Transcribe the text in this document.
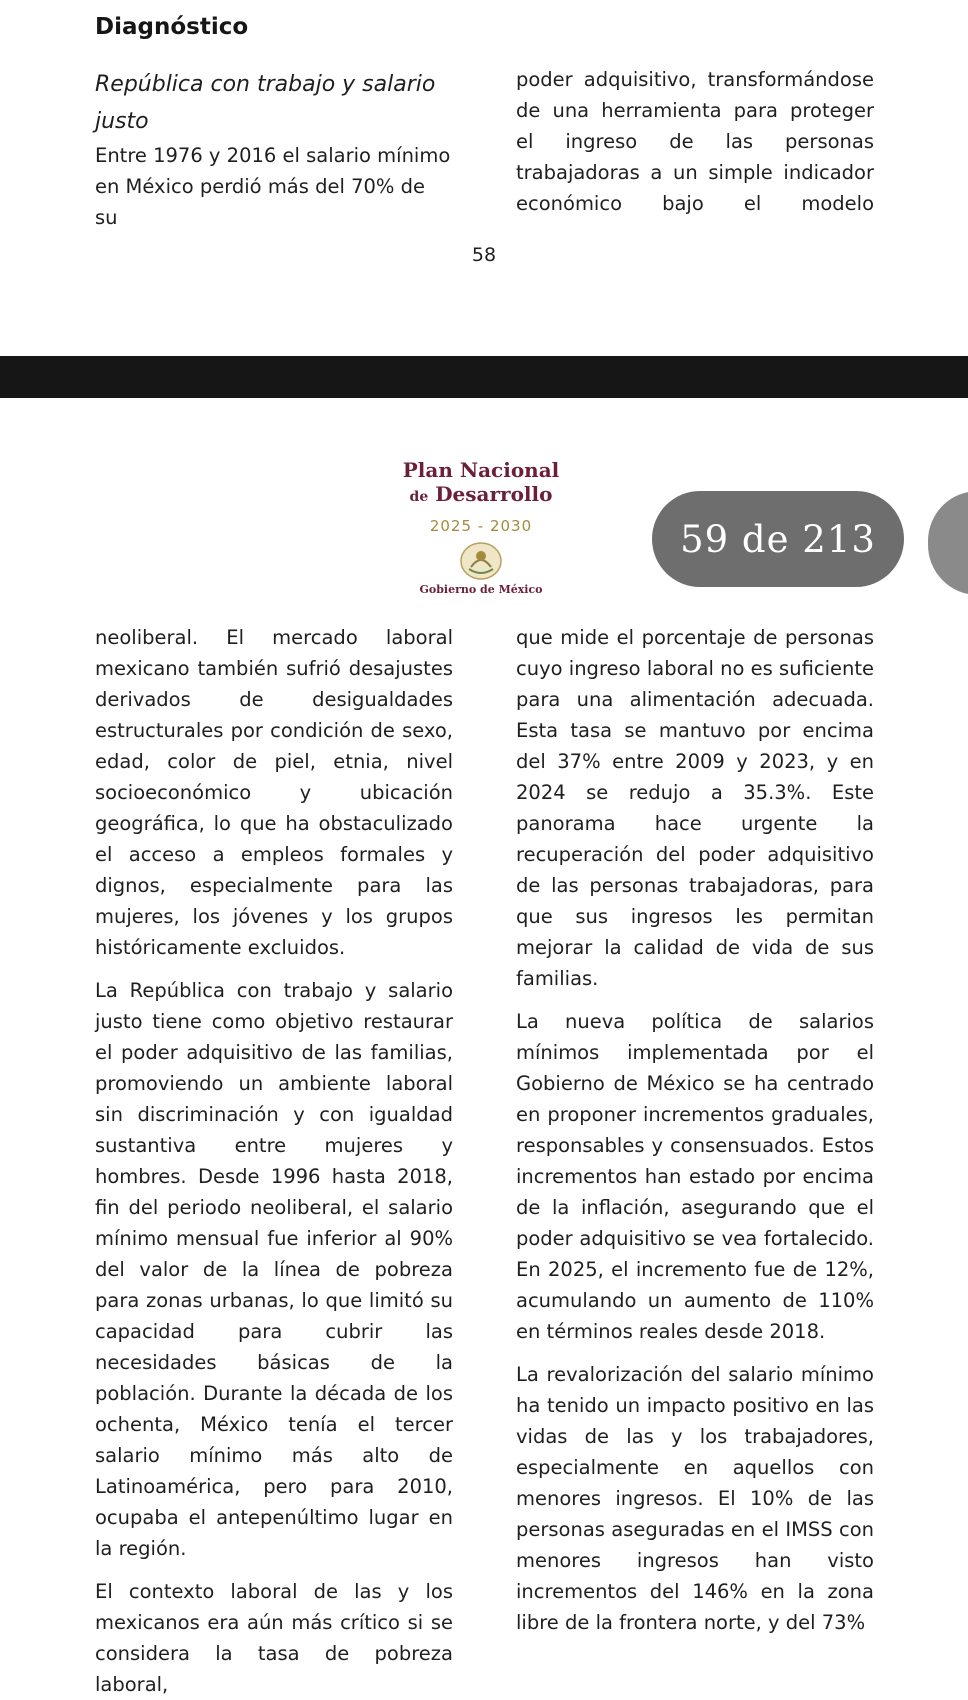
Diagnóstico

República con trabajo y salario justo

Entre 1976 y 2016 el salario mínimo en México perdió más del 70% de su

poder adquisitivo, transformándose de una herramienta para proteger el ingreso de las personas trabajadoras a un simple indicador económico bajo el modelo

58
Plan Nacional
de Desarrollo
2025 - 2030
Gobierno de México
59 de 213

neoliberal. El mercado laboral mexicano también sufrió desajustes derivados de desigualdades estructurales por condición de sexo, edad, color de piel, etnia, nivel socioeconómico y ubicación geográfica, lo que ha obstaculizado el acceso a empleos formales y dignos, especialmente para las mujeres, los jóvenes y los grupos históricamente excluidos.

La República con trabajo y salario justo tiene como objetivo restaurar el poder adquisitivo de las familias, promoviendo un ambiente laboral sin discriminación y con igualdad sustantiva entre mujeres y hombres. Desde 1996 hasta 2018, fin del periodo neoliberal, el salario mínimo mensual fue inferior al 90% del valor de la línea de pobreza para zonas urbanas, lo que limitó su capacidad para cubrir las necesidades básicas de la población. Durante la década de los ochenta, México tenía el tercer salario mínimo más alto de Latinoamérica, pero para 2010, ocupaba el antepenúltimo lugar en la región.

El contexto laboral de las y los mexicanos era aún más crítico si se considera la tasa de pobreza laboral,

que mide el porcentaje de personas cuyo ingreso laboral no es suficiente para una alimentación adecuada. Esta tasa se mantuvo por encima del 37% entre 2009 y 2023, y en 2024 se redujo a 35.3%. Este panorama hace urgente la recuperación del poder adquisitivo de las personas trabajadoras, para que sus ingresos les permitan mejorar la calidad de vida de sus familias.

La nueva política de salarios mínimos implementada por el Gobierno de México se ha centrado en proponer incrementos graduales, responsables y consensuados. Estos incrementos han estado por encima de la inflación, asegurando que el poder adquisitivo se vea fortalecido. En 2025, el incremento fue de 12%, acumulando un aumento de 110% en términos reales desde 2018.

La revalorización del salario mínimo ha tenido un impacto positivo en las vidas de las y los trabajadores, especialmente en aquellos con menores ingresos. El 10% de las personas aseguradas en el IMSS con menores ingresos han visto incrementos del 146% en la zona libre de la frontera norte, y del 73%
